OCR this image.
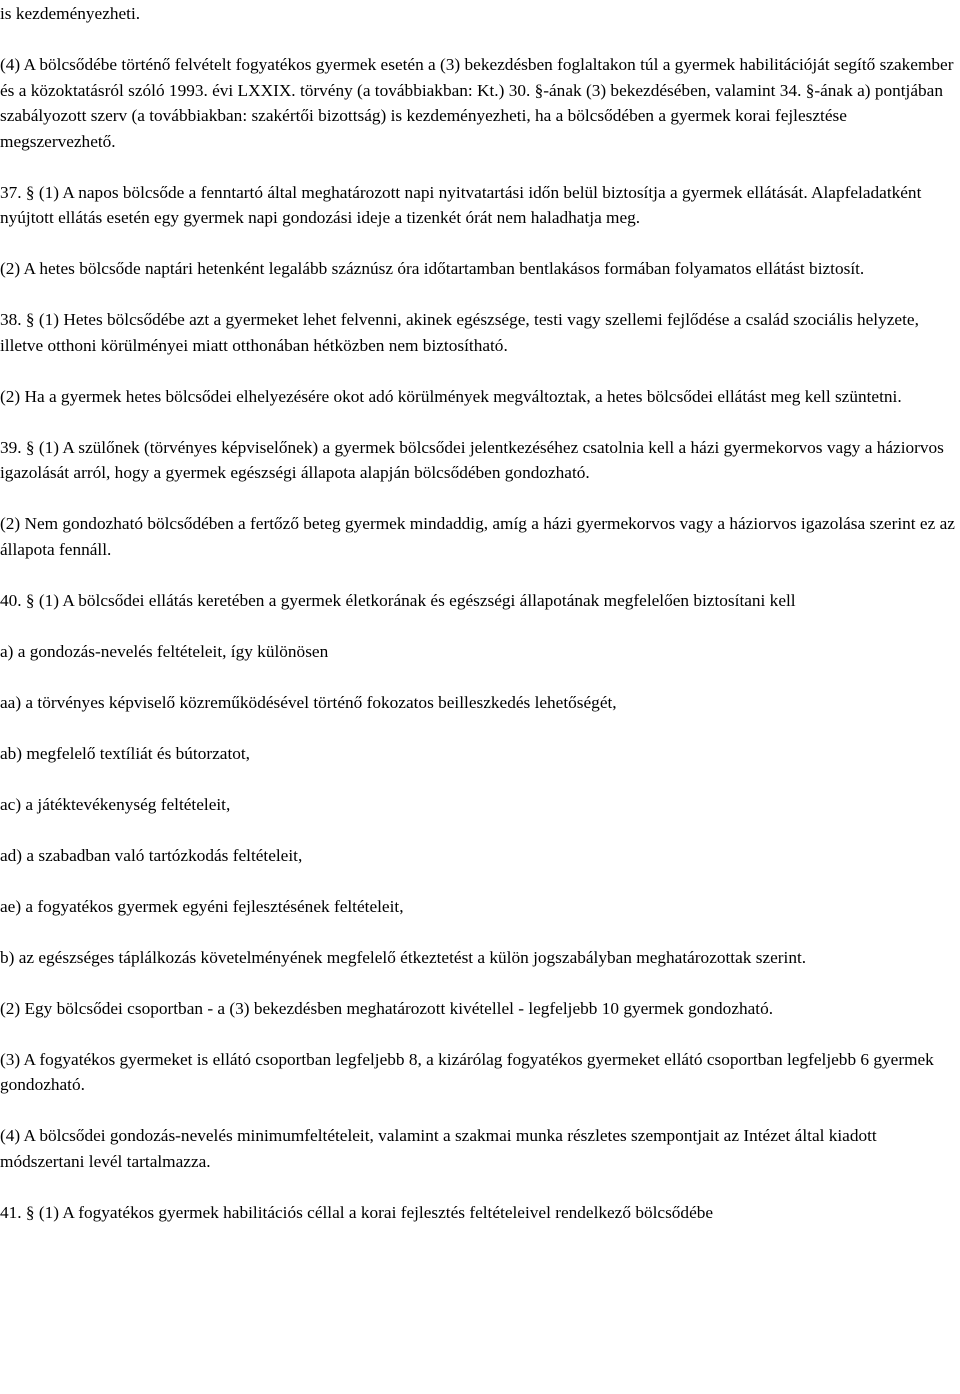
is kezdeményezheti.

(4) A bölcsődébe történő felvételt fogyatékos gyermek esetén a (3) bekezdésben foglaltakon túl a gyermek habilitációját segítő szakember és a közoktatásról szóló 1993. évi LXXIX. törvény (a továbbiakban: Kt.) 30. §-ának (3) bekezdésében, valamint 34. §-ának a) pontjában szabályozott szerv (a továbbiakban: szakértői bizottság) is kezdeményezheti, ha a bölcsődében a gyermek korai fejlesztése megszervezhető.

37. § (1) A napos bölcsőde a fenntartó által meghatározott napi nyitvatartási időn belül biztosítja a gyermek ellátását. Alapfeladatként nyújtott ellátás esetén egy gyermek napi gondozási ideje a tizenkét órát nem haladhatja meg.

(2) A hetes bölcsőde naptári hetenként legalább száznúsz óra időtartamban bentlakásos formában folyamatos ellátást biztosít.

38. § (1) Hetes bölcsődébe azt a gyermeket lehet felvenni, akinek egészsége, testi vagy szellemi fejlődése a család szociális helyzete, illetve otthoni körülményei miatt otthonában hétközben nem biztosítható.

(2) Ha a gyermek hetes bölcsődei elhelyezésére okot adó körülmények megváltoztak, a hetes bölcsődei ellátást meg kell szüntetni.

39. § (1) A szülőnek (törvényes képviselőnek) a gyermek bölcsődei jelentkezéséhez csatolnia kell a házi gyermekorvos vagy a háziorvos igazolását arról, hogy a gyermek egészségi állapota alapján bölcsődében gondozható.

(2) Nem gondozható bölcsődében a fertőző beteg gyermek mindaddig, amíg a házi gyermekorvos vagy a háziorvos igazolása szerint ez az állapota fennáll.

40. § (1) A bölcsődei ellátás keretében a gyermek életkorának és egészségi állapotának megfelelően biztosítani kell

a) a gondozás-nevelés feltételeit, így különösen

aa) a törvényes képviselő közreműködésével történő fokozatos beilleszkedés lehetőségét,

ab) megfelelő textíliát és bútorzatot,

ac) a játéktevékenység feltételeit,

ad) a szabadban való tartózkodás feltételeit,

ae) a fogyatékos gyermek egyéni fejlesztésének feltételeit,

b) az egészséges táplálkozás követelményének megfelelő étkeztetést a külön jogszabályban meghatározottak szerint.

(2) Egy bölcsődei csoportban - a (3) bekezdésben meghatározott kivétellel - legfeljebb 10 gyermek gondozható.

(3) A fogyatékos gyermeket is ellátó csoportban legfeljebb 8, a kizárólag fogyatékos gyermeket ellátó csoportban legfeljebb 6 gyermek gondozható.

(4) A bölcsődei gondozás-nevelés minimumfeltételeit, valamint a szakmai munka részletes szempontjait az Intézet által kiadott módszertani levél tartalmazza.

41. § (1) A fogyatékos gyermek habilitációs céllal a korai fejlesztés feltételeivel rendelkező bölcsődébe
